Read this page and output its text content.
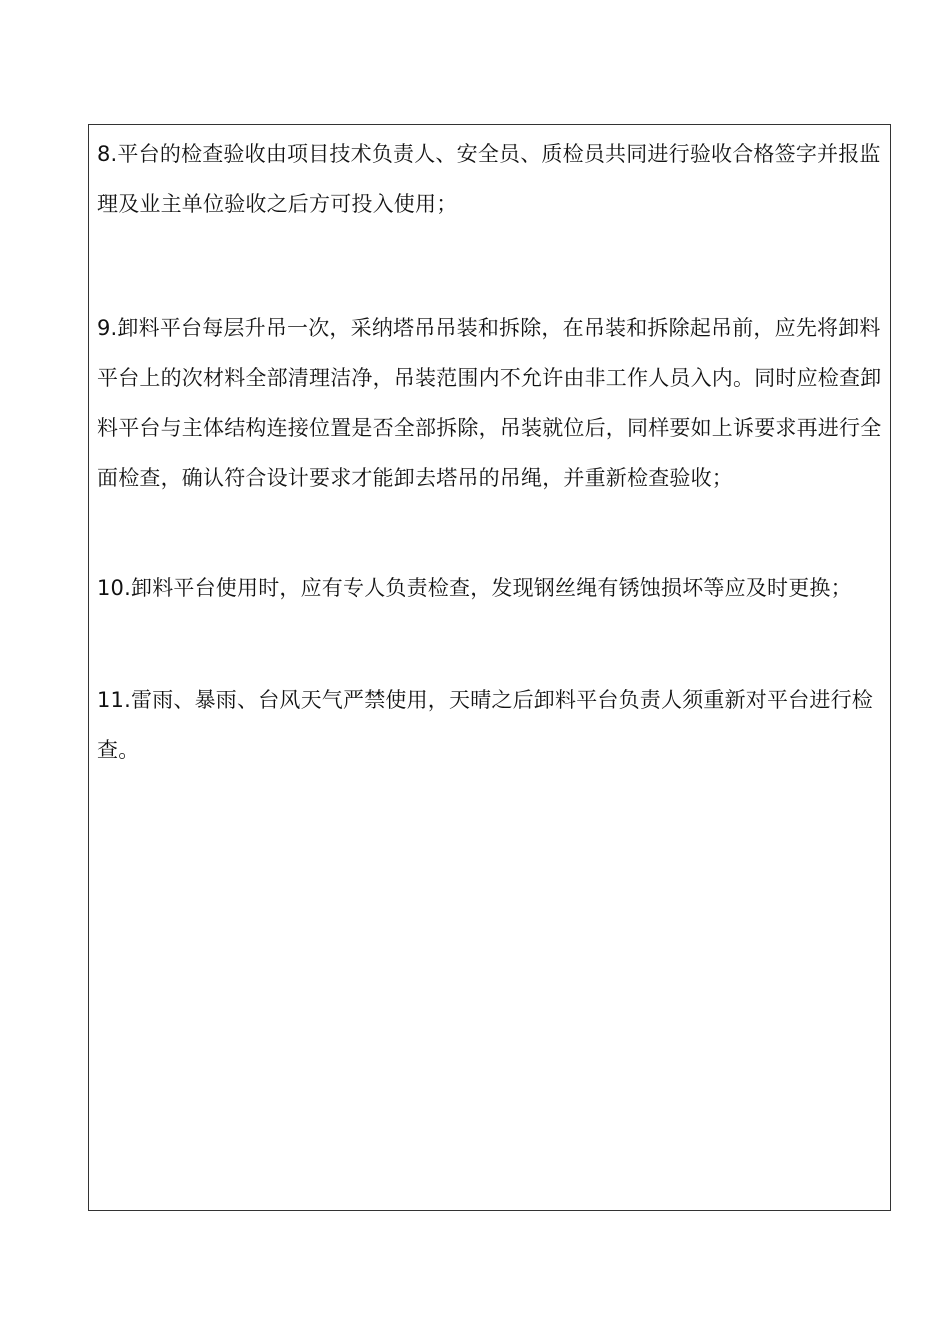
8.平台的检查验收由项目技术负责人、安全员、质检员共同进行验收合格签字并报监理及业主单位验收之后方可投入使用；

9.卸料平台每层升吊一次，采纳塔吊吊装和拆除，在吊装和拆除起吊前，应先将卸料平台上的次材料全部清理洁净，吊装范围内不允许由非工作人员入内。同时应检查卸料平台与主体结构连接位置是否全部拆除，吊装就位后，同样要如上诉要求再进行全面检查，确认符合设计要求才能卸去塔吊的吊绳，并重新检查验收；

10.卸料平台使用时，应有专人负责检查，发现钢丝绳有锈蚀损坏等应及时更换；

11.雷雨、暴雨、台风天气严禁使用，天晴之后卸料平台负责人须重新对平台进行检查。
